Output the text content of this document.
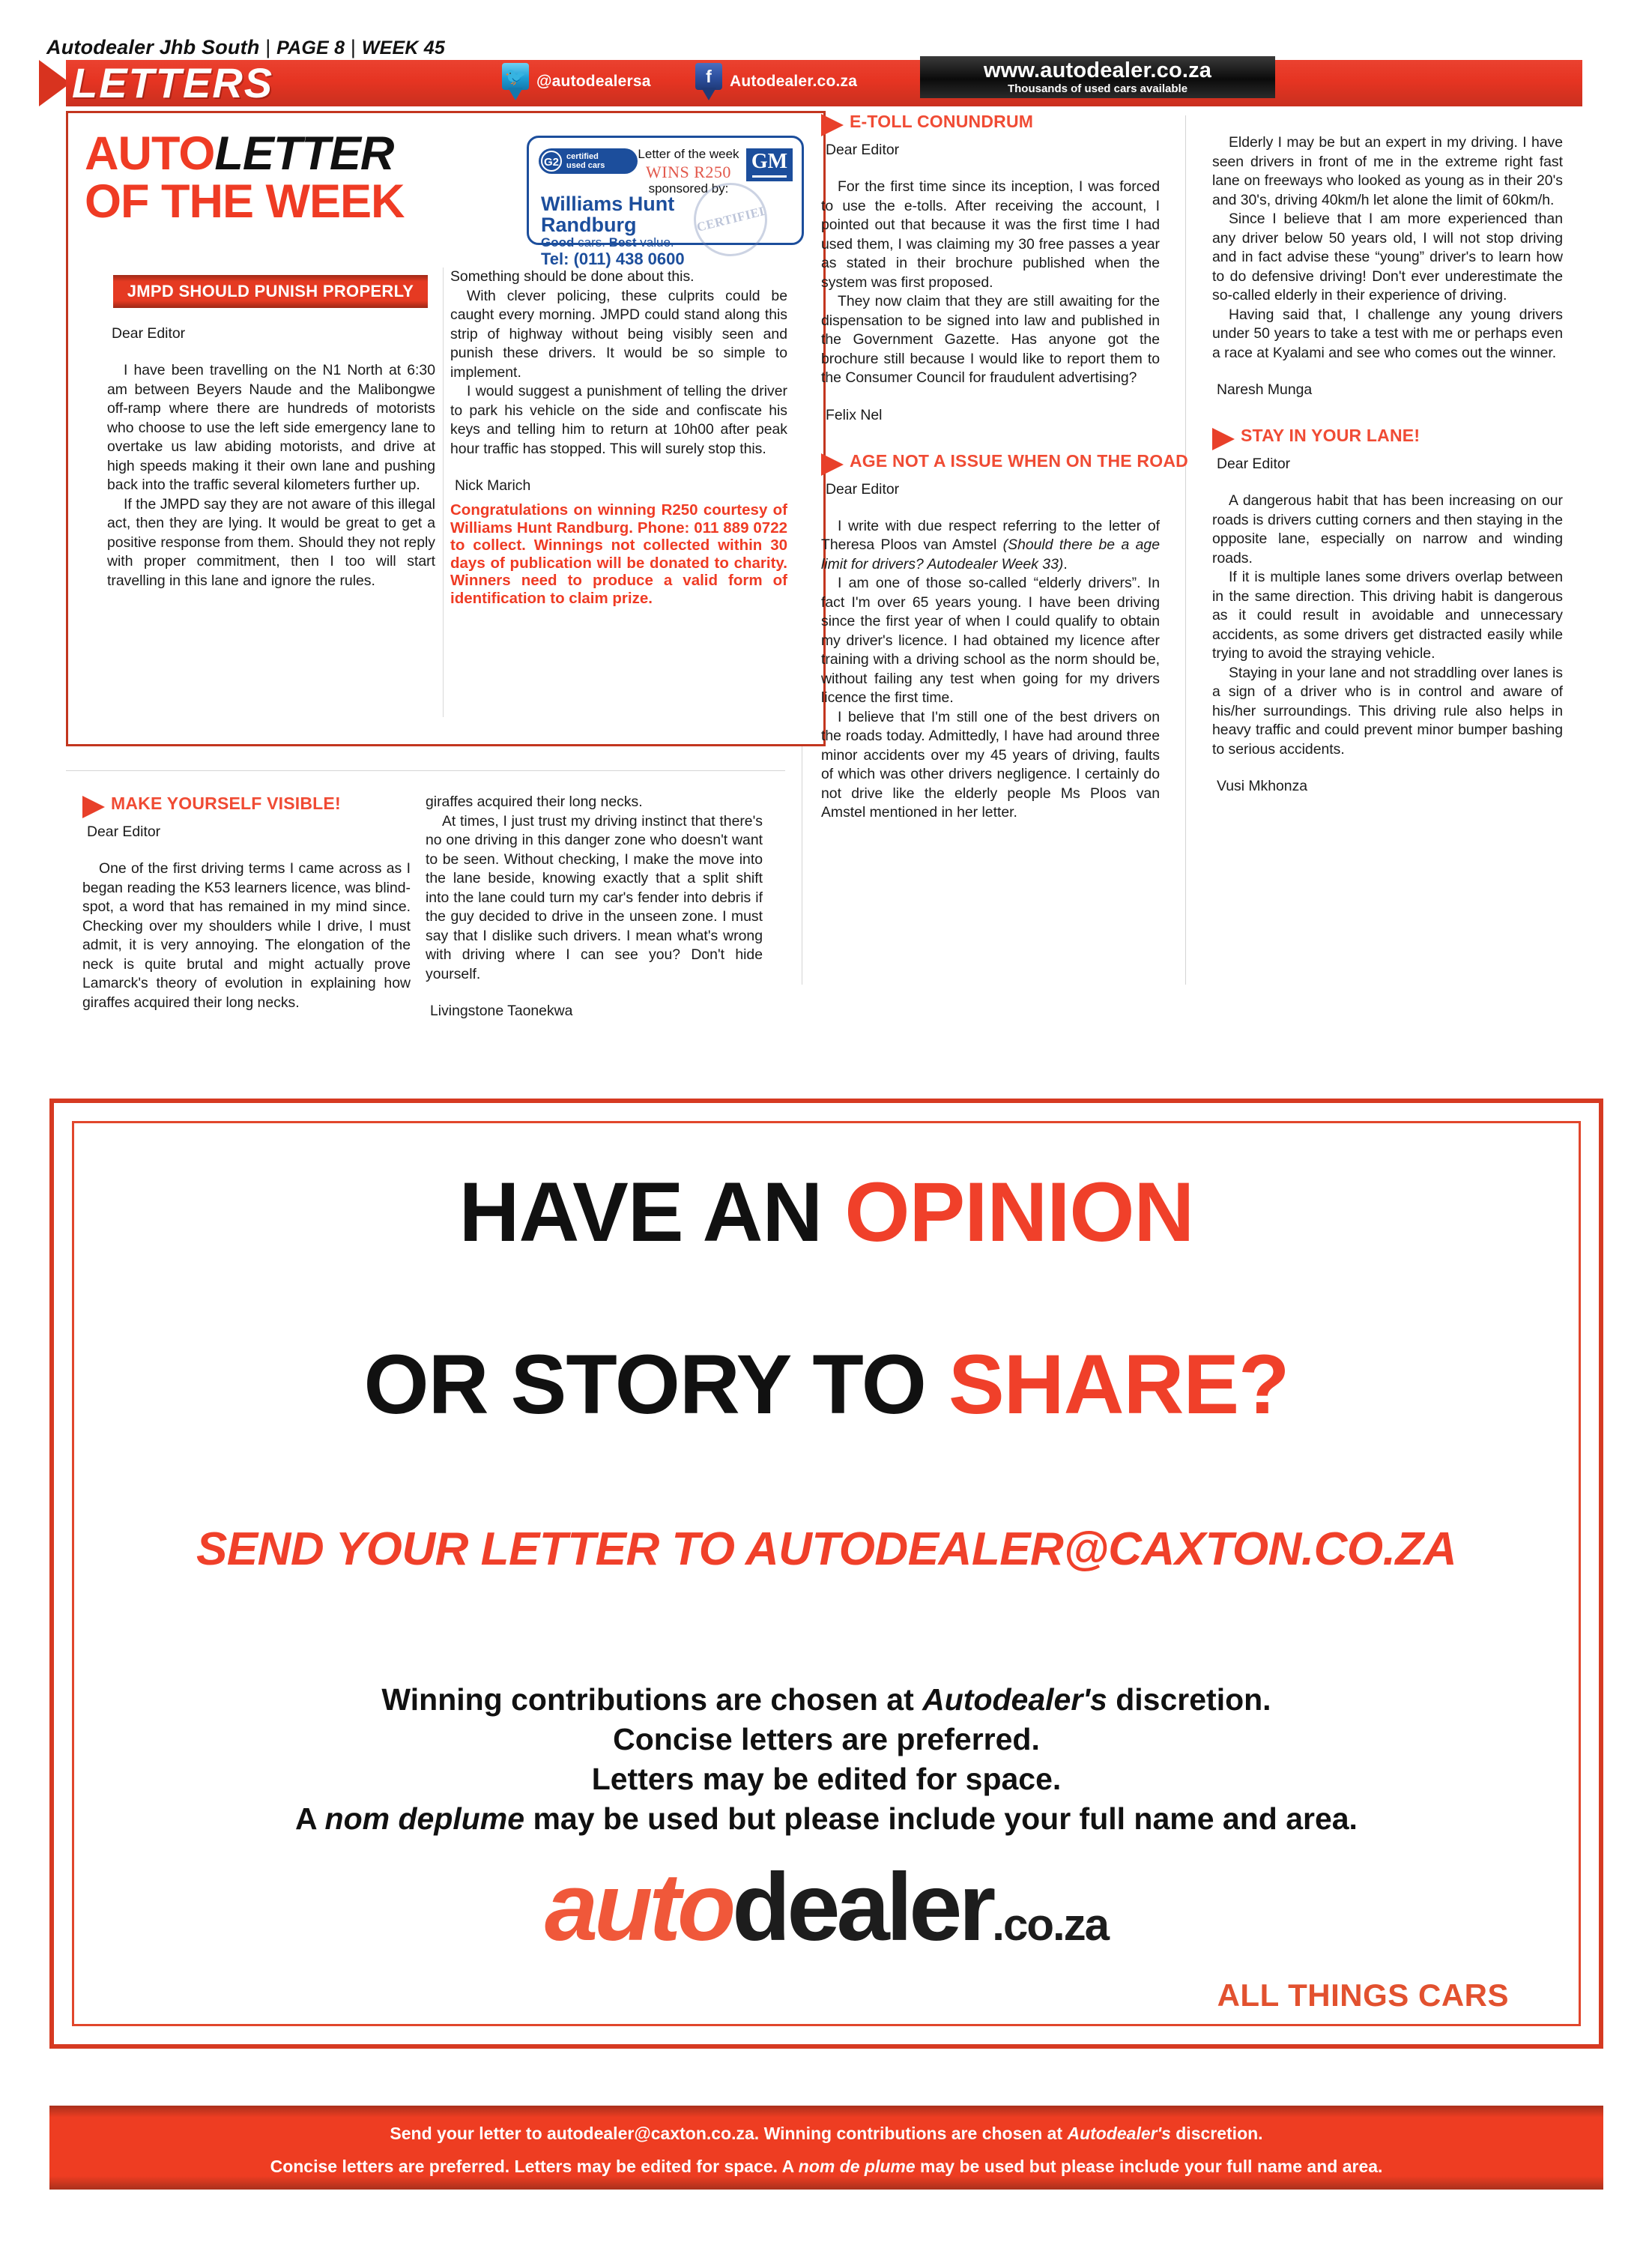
Autodealer Jhb South | PAGE 8 | WEEK 45
LETTERS	🐦 @autodealersa	f	Autodealer.co.za	www.autodealer.co.za
Thousands of used cars available
AUTOLETTER
OF THE WEEK
G2 certified
used cars
Letter of the week
WINS R250
sponsored by:
GM
CERTIFIED
Williams Hunt
Randburg
Good cars. Best value.
Tel: (011) 438 0600
JMPD SHOULD PUNISH PROPERLY
Dear Editor

I have been travelling on the N1 North at 6:30 am between Beyers Naude and the Malibongwe off-ramp where there are hundreds of motorists who choose to use the left side emergency lane to overtake us law abiding motorists, and drive at high speeds making it their own lane and pushing back into the traffic several kilometers further up.

If the JMPD say they are not aware of this illegal act, then they are lying. It would be great to get a positive response from them. Should they not reply with proper commitment, then I too will start travelling in this lane and ignore the rules.

Something should be done about this.

With clever policing, these culprits could be caught every morning. JMPD could stand along this strip of highway without being visibly seen and punish these drivers. It would be so simple to implement.

I would suggest a punishment of telling the driver to park his vehicle on the side and confiscate his keys and telling him to return at 10h00 after peak hour traffic has stopped. This will surely stop this.

Nick Marich
Congratulations on winning R250 courtesy of Williams Hunt Randburg. Phone: 011 889 0722 to collect. Winnings not collected within 30 days of publication will be donated to charity. Winners need to produce a valid form of identification to claim prize.
MAKE YOURSELF VISIBLE!
Dear Editor

One of the first driving terms I came across as I began reading the K53 learners licence, was blind-spot, a word that has remained in my mind since. Checking over my shoulders while I drive, I must admit, it is very annoying. The elongation of the neck is quite brutal and might actually prove Lamarck's theory of evolution in explaining how giraffes acquired their long necks.

giraffes acquired their long necks.

At times, I just trust my driving instinct that there's no one driving in this danger zone who doesn't want to be seen. Without checking, I make the move into the lane beside, knowing exactly that a split shift into the lane could turn my car's fender into debris if the guy decided to drive in the unseen zone. I must say that I dislike such drivers. I mean what's wrong with driving where I can see you? Don't hide yourself.

Livingstone Taonekwa
E-TOLL CONUNDRUM
Dear Editor

For the first time since its inception, I was forced to use the e-tolls. After receiving the account, I pointed out that because it was the first time I had used them, I was claiming my 30 free passes a year as stated in their brochure published when the system was first proposed.

They now claim that they are still awaiting for the dispensation to be signed into law and published in the Government Gazette. Has anyone got the brochure still because I would like to report them to the Consumer Council for fraudulent advertising?

Felix Nel
AGE NOT A ISSUE WHEN ON THE ROAD
Dear Editor

I write with due respect referring to the letter of Theresa Ploos van Amstel (Should there be a age limit for drivers? Autodealer Week 33).

I am one of those so-called “elderly drivers”. In fact I'm over 65 years young. I have been driving since the first year of when I could qualify to obtain my driver's licence. I had obtained my licence after training with a driving school as the norm should be, without failing any test when going for my drivers licence the first time.

I believe that I'm still one of the best drivers on the roads today. Admittedly, I have had around three minor accidents over my 45 years of driving, faults of which was other drivers negligence. I certainly do not drive like the elderly people Ms Ploos van Amstel mentioned in her letter.

Elderly I may be but an expert in my driving. I have seen drivers in front of me in the extreme right fast lane on freeways who looked as young as in their 20's and 30's, driving 40km/h let alone the limit of 60km/h.

Since I believe that I am more experienced than any driver below 50 years old, I will not stop driving and in fact advise these “young” driver's to learn how to do defensive driving! Don't ever underestimate the so-called elderly in their experience of driving.

Having said that, I challenge any young drivers under 50 years to take a test with me or perhaps even a race at Kyalami and see who comes out the winner.

Naresh Munga
STAY IN YOUR LANE!
Dear Editor

A dangerous habit that has been increasing on our roads is drivers cutting corners and then staying in the opposite lane, especially on narrow and winding roads.

If it is multiple lanes some drivers overlap between in the same direction. This driving habit is dangerous as it could result in avoidable and unnecessary accidents, as some drivers get distracted easily while trying to avoid the straying vehicle.

Staying in your lane and not straddling over lanes is a sign of a driver who is in control and aware of his/her surroundings. This driving rule also helps in heavy traffic and could prevent minor bumper bashing to serious accidents.

Vusi Mkhonza
HAVE AN OPINION
OR STORY TO SHARE?
SEND YOUR LETTER TO AUTODEALER@CAXTON.CO.ZA
Winning contributions are chosen at Autodealer's discretion.
Concise letters are preferred.
Letters may be edited for space.
A nom deplume may be used but please include your full name and area.
autodealer.co.za
ALL THINGS CARS
Send your letter to autodealer@caxton.co.za. Winning contributions are chosen at Autodealer's discretion.
Concise letters are preferred. Letters may be edited for space. A nom de plume may be used but please include your full name and area.
